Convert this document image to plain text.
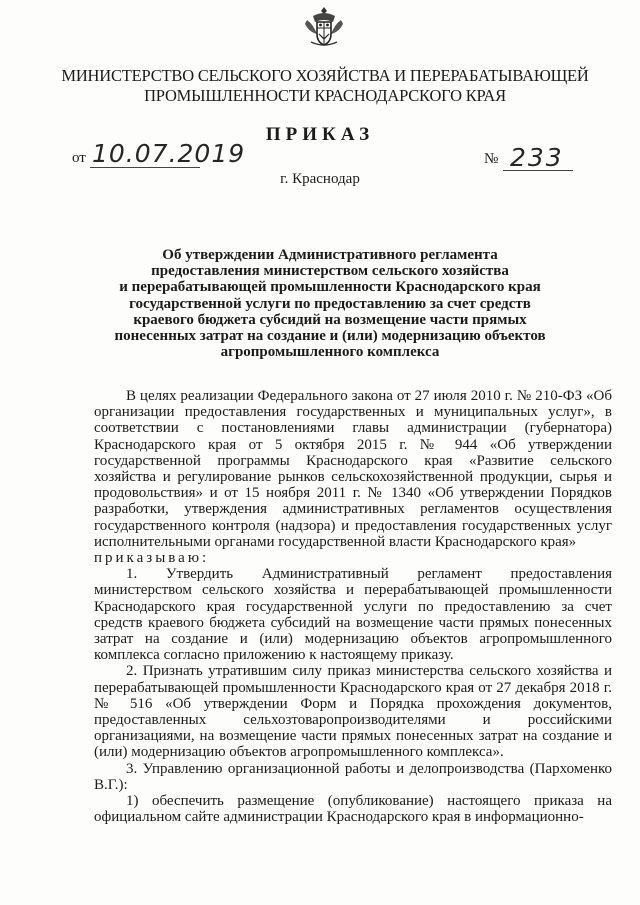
МИНИСТЕРСТВО СЕЛЬСКОГО ХОЗЯЙСТВА И ПЕРЕРАБАТЫВАЮЩЕЙ
ПРОМЫШЛЕННОСТИ КРАСНОДАРСКОГО КРАЯ
ПРИКАЗ
от 10.07.2019	№ 233
г. Краснодар
Об утверждении Административного регламента
предоставления министерством сельского хозяйства
и перерабатывающей промышленности Краснодарского края
государственной услуги по предоставлению за счет средств
краевого бюджета субсидий на возмещение части прямых
понесенных затрат на создание и (или) модернизацию объектов
агропромышленного комплекса

В целях реализации Федерального закона от 27 июля 2010 г. № 210-ФЗ «Об организации предоставления государственных и муниципальных услуг», в соответствии с постановлениями главы администрации (губернатора) Краснодарского края от 5 октября 2015 г. № 944 «Об утверждении государственной программы Краснодарского края «Развитие сельского хозяйства и регулирование рынков сельскохозяйственной продукции, сырья и продовольствия» и от 15 ноября 2011 г. № 1340 «Об утверждении Порядков разработки, утверждения административных регламентов осуществления государственного контроля (надзора) и предоставления государственных услуг исполнительными органами государственной власти Краснодарского края»

приказываю:

1. Утвердить Административный регламент предоставления министерством сельского хозяйства и перерабатывающей промышленности Краснодарского края государственной услуги по предоставлению за счет средств краевого бюджета субсидий на возмещение части прямых понесенных затрат на создание и (или) модернизацию объектов агропромышленного комплекса согласно приложению к настоящему приказу.

2. Признать утратившим силу приказ министерства сельского хозяйства и перерабатывающей промышленности Краснодарского края от 27 декабря 2018 г. № 516 «Об утверждении Форм и Порядка прохождения документов, предоставленных сельхозтоваропроизводителями и российскими организациями, на возмещение части прямых понесенных затрат на создание и (или) модернизацию объектов агропромышленного комплекса».

3. Управлению организационной работы и делопроизводства (Пархоменко В.Г.):

1) обеспечить размещение (опубликование) настоящего приказа на официальном сайте администрации Краснодарского края в информационно-
